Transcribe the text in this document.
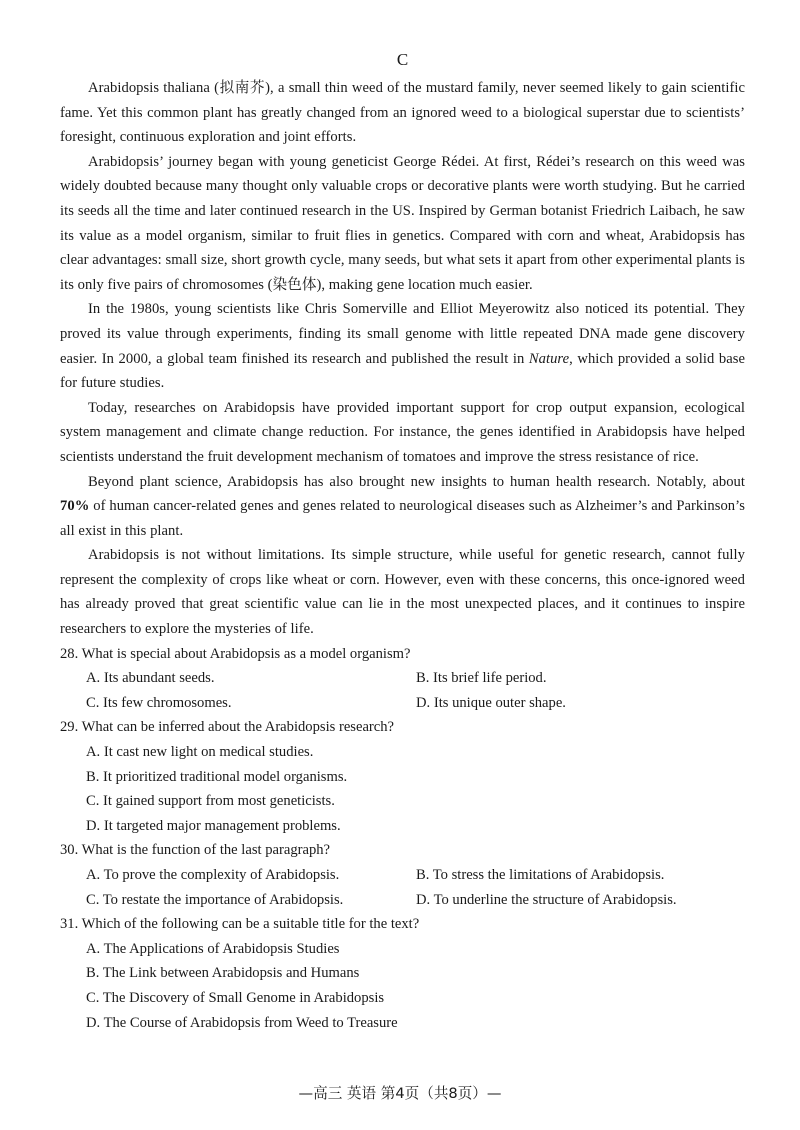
C

Arabidopsis thaliana (拟南芥), a small thin weed of the mustard family, never seemed likely to gain scientific fame. Yet this common plant has greatly changed from an ignored weed to a biological superstar due to scientists’ foresight, continuous exploration and joint efforts.

Arabidopsis’ journey began with young geneticist George Rédei. At first, Rédei’s research on this weed was widely doubted because many thought only valuable crops or decorative plants were worth studying. But he carried its seeds all the time and later continued research in the US. Inspired by German botanist Friedrich Laibach, he saw its value as a model organism, similar to fruit flies in genetics. Compared with corn and wheat, Arabidopsis has clear advantages: small size, short growth cycle, many seeds, but what sets it apart from other experimental plants is its only five pairs of chromosomes (染色体), making gene location much easier.

In the 1980s, young scientists like Chris Somerville and Elliot Meyerowitz also noticed its potential. They proved its value through experiments, finding its small genome with little repeated DNA made gene discovery easier. In 2000, a global team finished its research and published the result in Nature, which provided a solid base for future studies.

Today, researches on Arabidopsis have provided important support for crop output expansion, ecological system management and climate change reduction. For instance, the genes identified in Arabidopsis have helped scientists understand the fruit development mechanism of tomatoes and improve the stress resistance of rice.

Beyond plant science, Arabidopsis has also brought new insights to human health research. Notably, about 70% of human cancer-related genes and genes related to neurological diseases such as Alzheimer’s and Parkinson’s all exist in this plant.

Arabidopsis is not without limitations. Its simple structure, while useful for genetic research, cannot fully represent the complexity of crops like wheat or corn. However, even with these concerns, this once-ignored weed has already proved that great scientific value can lie in the most unexpected places, and it continues to inspire researchers to explore the mysteries of life.

28. What is special about Arabidopsis as a model organism?

A. Its abundant seeds.	B. Its brief life period.
C. Its few chromosomes.	D. Its unique outer shape.

29. What can be inferred about the Arabidopsis research?

A. It cast new light on medical studies.
B. It prioritized traditional model organisms.
C. It gained support from most geneticists.
D. It targeted major management problems.

30. What is the function of the last paragraph?

A. To prove the complexity of Arabidopsis.	B. To stress the limitations of Arabidopsis.
C. To restate the importance of Arabidopsis.	D. To underline the structure of Arabidopsis.

31. Which of the following can be a suitable title for the text?

A. The Applications of Arabidopsis Studies
B. The Link between Arabidopsis and Humans
C. The Discovery of Small Genome in Arabidopsis
D. The Course of Arabidopsis from Weed to Treasure
—高三 英语 第4页（共8页）—
